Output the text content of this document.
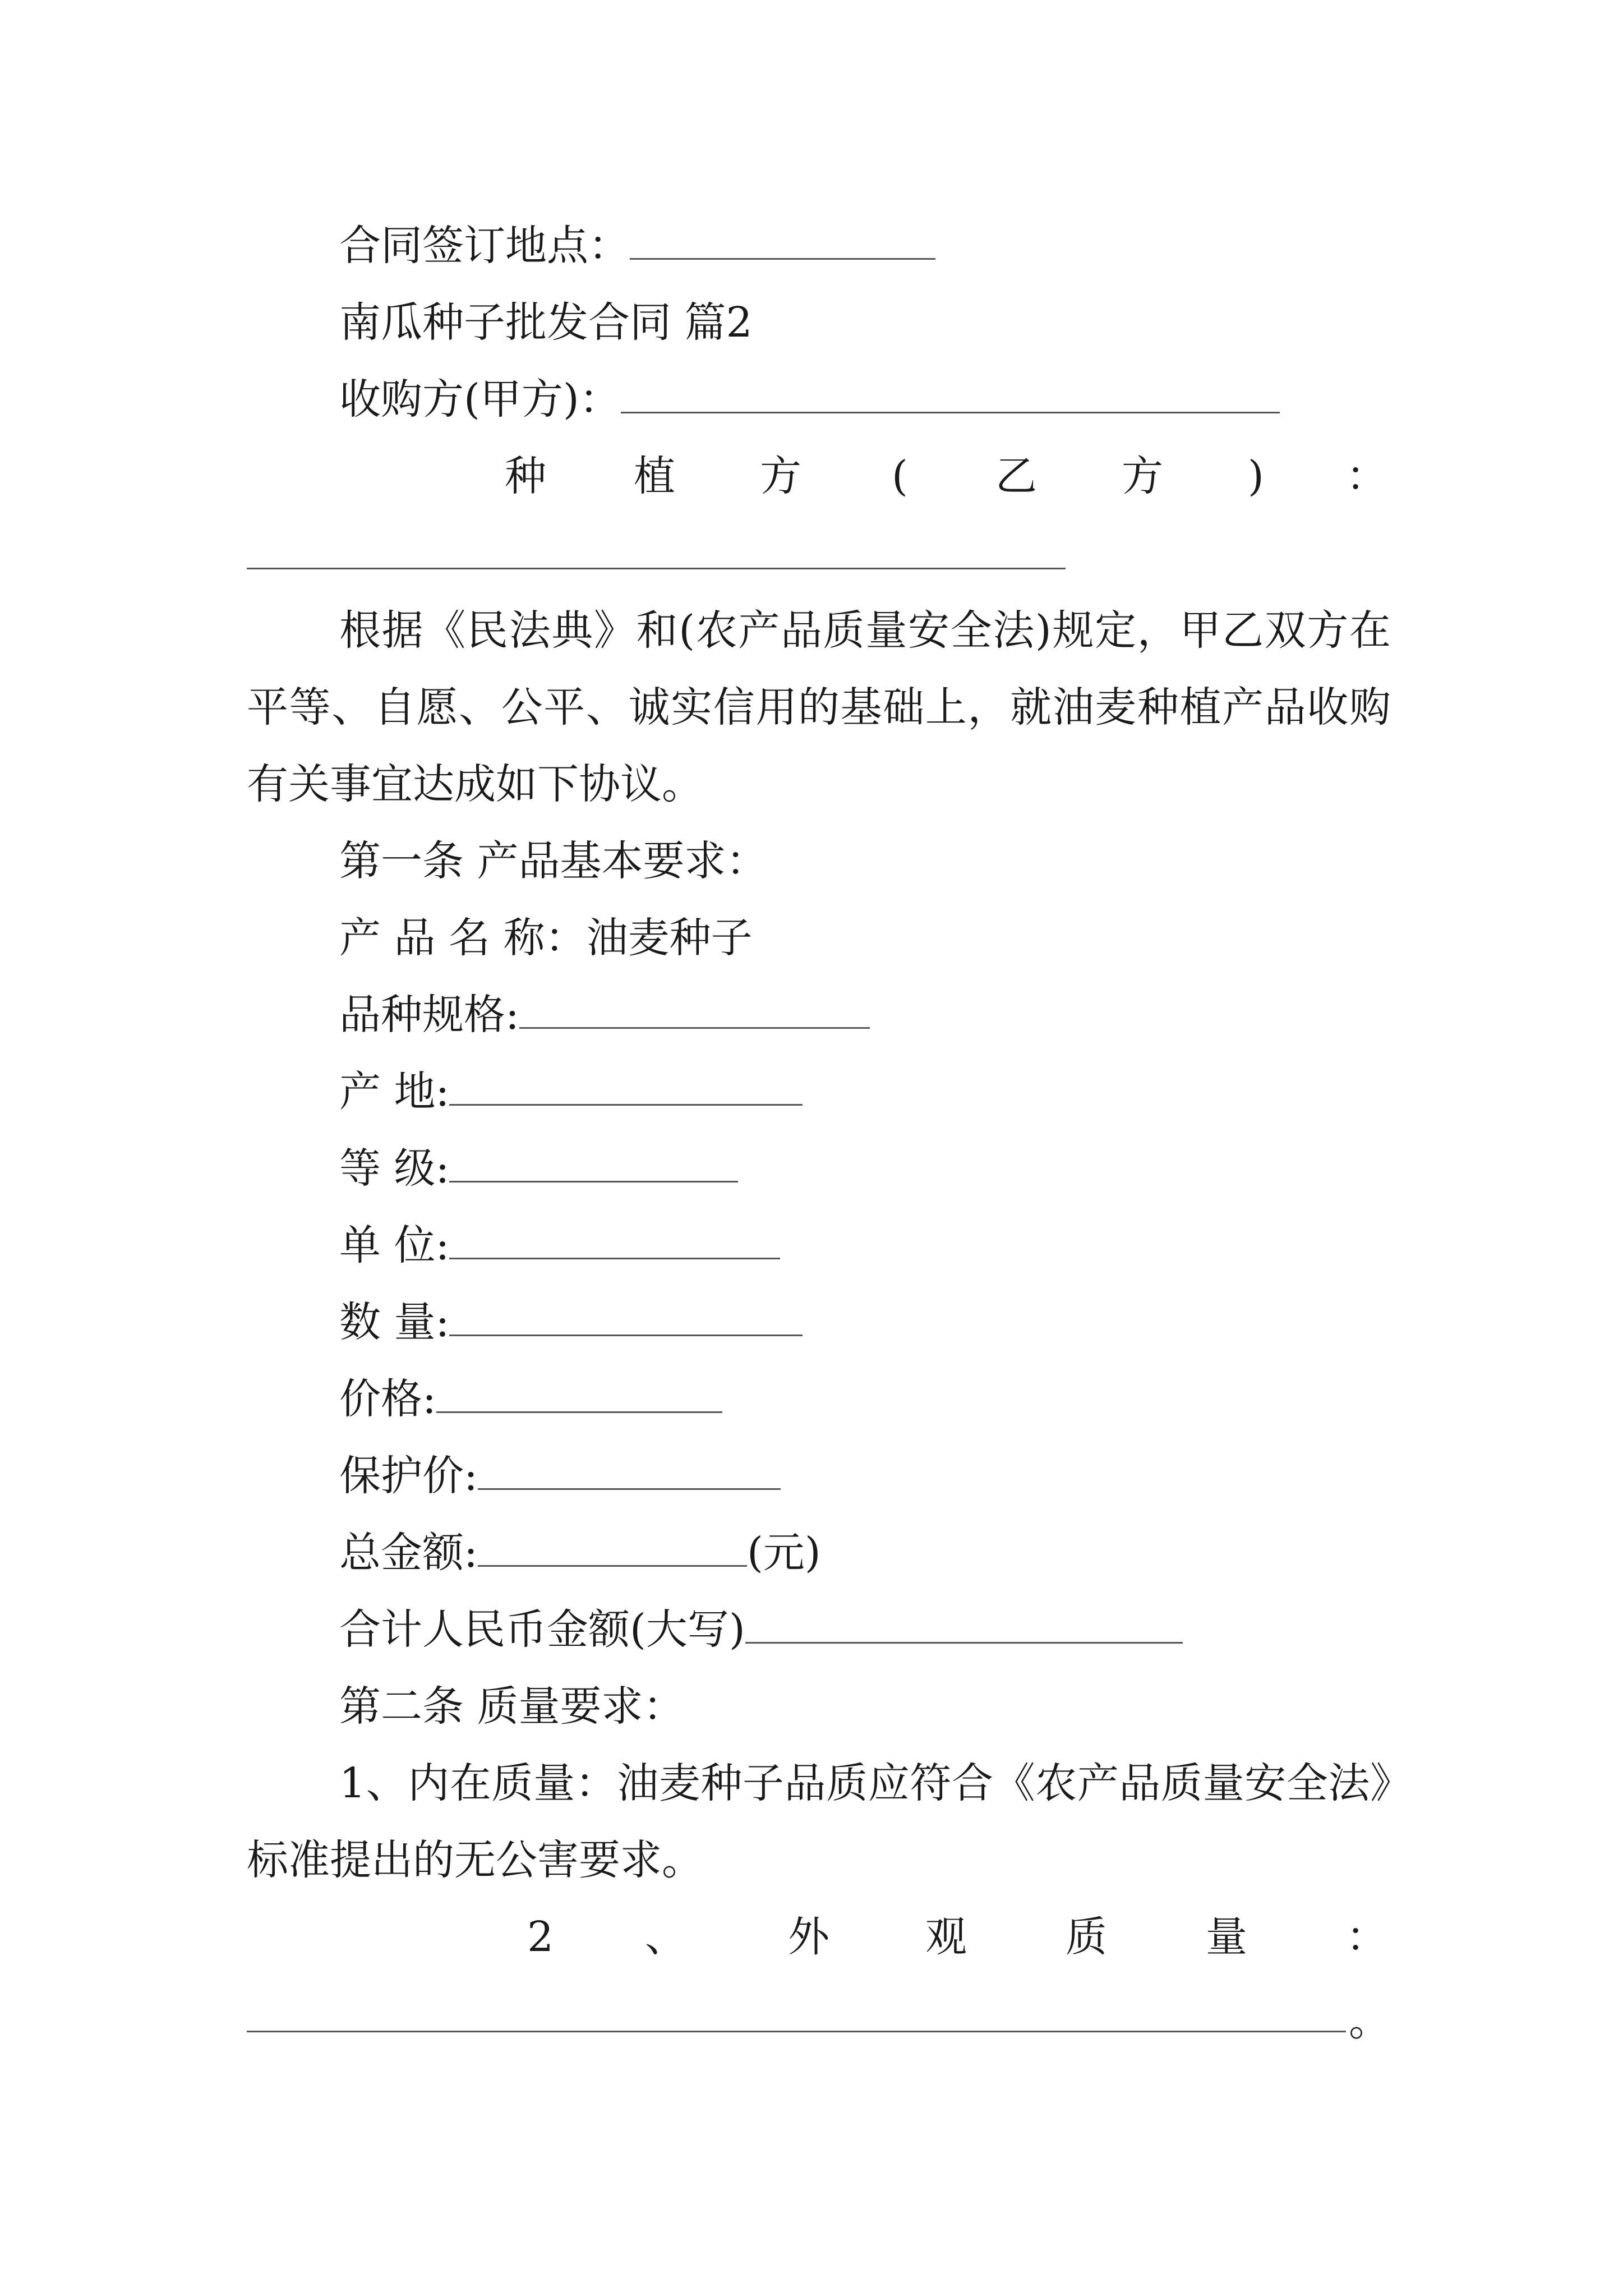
合同签订地点：
南瓜种子批发合同 篇2
收购方(甲方)：
种 植 方 ( 乙 方 ) ：
根据《民法典》和(农产品质量安全法)规定，甲乙双方在平等、自愿、公平、诚实信用的基础上，就油麦种植产品收购有关事宜达成如下协议。
第一条 产品基本要求：
产 品 名 称：油麦种子
品种规格:
产 地:
等 级:
单 位:
数 量:
价格:
保护价:
总金额:	(元)
合计人民币金额(大写)
第二条 质量要求：
1、内在质量：油麦种子品质应符合《农产品质量安全法》标准提出的无公害要求。
2 、 外 观 质 量 ：
。
